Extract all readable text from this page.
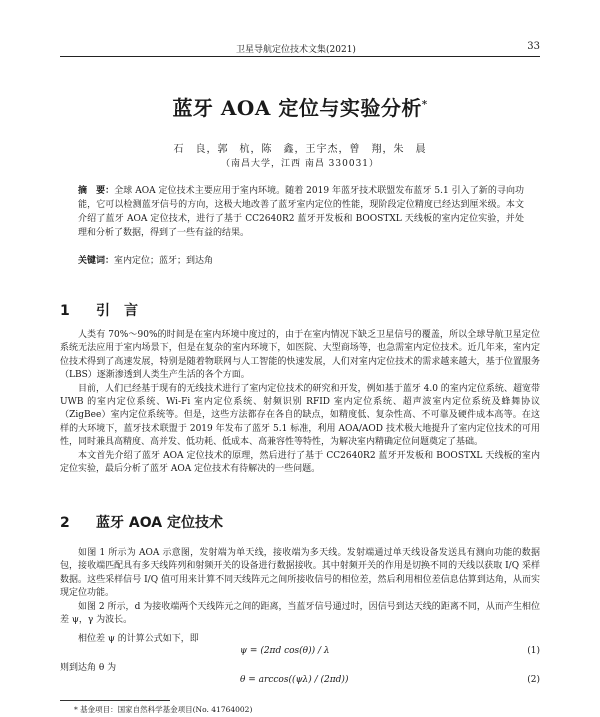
卫星导航定位技术文集(2021)	33
蓝牙 AOA 定位与实验分析*
石　良，郭　杭，陈　鑫，王宇杰，曾　翔，朱　晨
（南昌大学，江西 南昌 330031）
摘　要：全球 AOA 定位技术主要应用于室内环境。随着 2019 年蓝牙技术联盟发布蓝牙 5.1 引入了新的寻向功能，它可以检测蓝牙信号的方向，这极大地改善了蓝牙室内定位的性能，现阶段定位精度已经达到厘米级。本文介绍了蓝牙 AOA 定位技术，进行了基于 CC2640R2 蓝牙开发板和 BOOSTXL 天线板的室内定位实验，并处理和分析了数据，得到了一些有益的结果。
关键词：室内定位；蓝牙；到达角
1 引　言

人类有 70%～90%的时间是在室内环境中度过的，由于在室内情况下缺乏卫星信号的覆盖，所以全球导航卫星定位系统无法应用于室内场景下，但是在复杂的室内环境下，如医院、大型商场等，也急需室内定位技术。近几年来，室内定位技术得到了高速发展，特别是随着物联网与人工智能的快速发展，人们对室内定位技术的需求越来越大，基于位置服务（LBS）逐渐渗透到人类生产生活的各个方面。

目前，人们已经基于现有的无线技术进行了室内定位技术的研究和开发，例如基于蓝牙 4.0 的室内定位系统、超宽带 UWB 的室内定位系统、Wi-Fi 室内定位系统、射频识别 RFID 室内定位系统、超声波室内定位系统及蜂舞协议（ZigBee）室内定位系统等。但是，这些方法都存在各自的缺点，如精度低、复杂性高、不可靠及硬件成本高等。在这样的大环境下，蓝牙技术联盟于 2019 年发布了蓝牙 5.1 标准，利用 AOA/AOD 技术极大地提升了室内定位技术的可用性，同时兼具高精度、高并发、低功耗、低成本、高兼容性等特性，为解决室内精确定位问题奠定了基础。

本文首先介绍了蓝牙 AOA 定位技术的原理，然后进行了基于 CC2640R2 蓝牙开发板和 BOOSTXL 天线板的室内定位实验，最后分析了蓝牙 AOA 定位技术有待解决的一些问题。

2 蓝牙 AOA 定位技术

如图 1 所示为 AOA 示意图，发射端为单天线，接收端为多天线。发射端通过单天线设备发送具有测向功能的数据包，接收端匹配具有多天线阵列和射频开关的设备进行数据接收。其中射频开关的作用是切换不同的天线以获取 I/Q 采样数据。这些采样信号 I/Q 值可用来计算不同天线阵元之间所接收信号的相位差，然后利用相位差信息估算到达角，从而实现定位功能。

如图 2 所示，d 为接收端两个天线阵元之间的距离，当蓝牙信号通过时，因信号到达天线的距离不同，从而产生相位差 ψ，γ 为波长。

相位差 ψ 的计算公式如下，即
ψ = (2πd cos(θ)) / λ	(1)
则到达角 θ 为
θ = arccos((ψλ) / (2πd))	(2)
* 基金项目：国家自然科学基金项目(No. 41764002)
